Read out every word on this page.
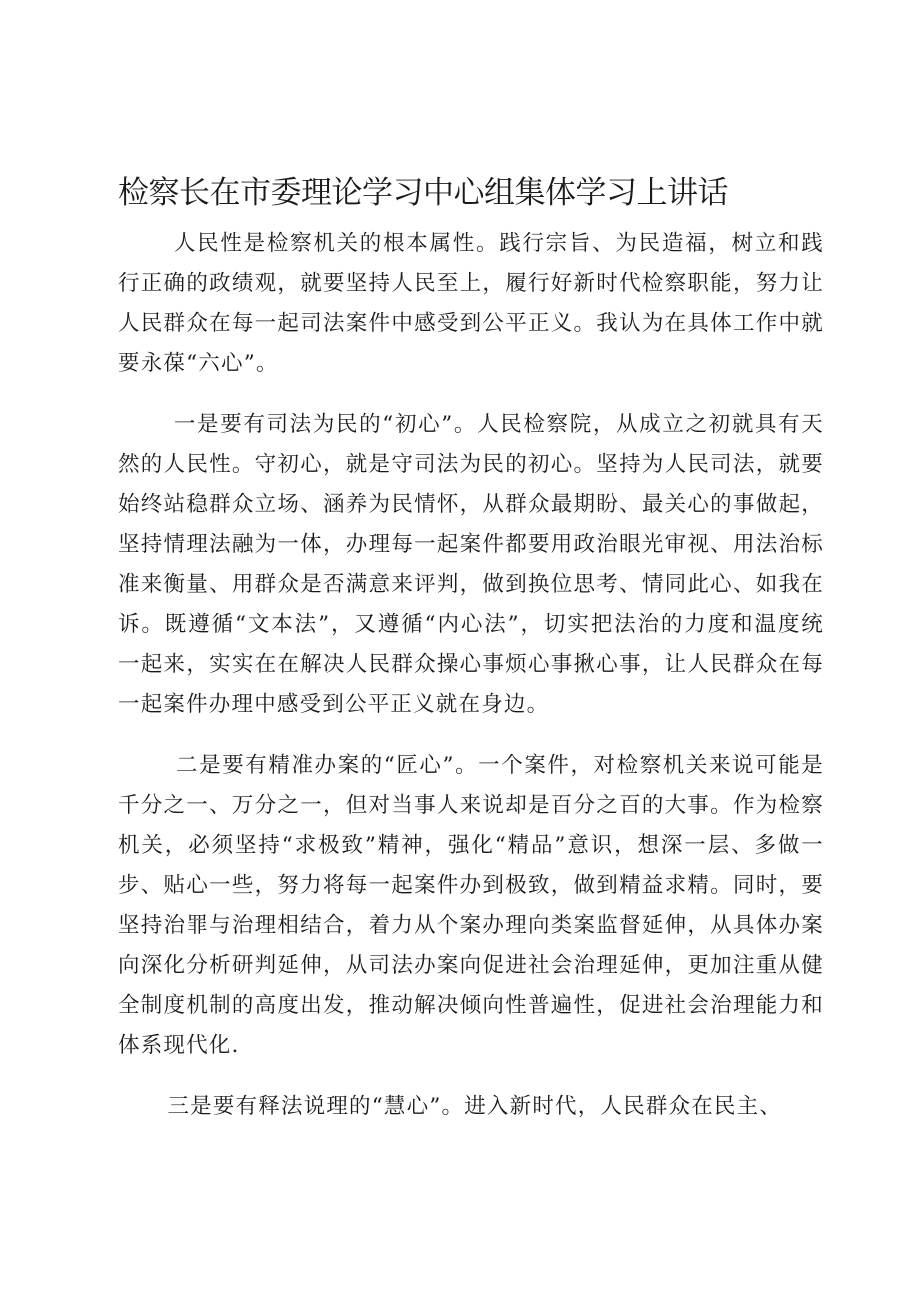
检察长在市委理论学习中心组集体学习上讲话

人民性是检察机关的根本属性。践行宗旨、为民造福，树立和践行正确的政绩观，就要坚持人民至上，履行好新时代检察职能，努力让人民群众在每一起司法案件中感受到公平正义。我认为在具体工作中就要永葆“六心”。

一是要有司法为民的“初心”。人民检察院，从成立之初就具有天然的人民性。守初心，就是守司法为民的初心。坚持为人民司法，就要始终站稳群众立场、涵养为民情怀，从群众最期盼、最关心的事做起，坚持情理法融为一体，办理每一起案件都要用政治眼光审视、用法治标准来衡量、用群众是否满意来评判，做到换位思考、情同此心、如我在诉。既遵循“文本法”，又遵循“内心法”，切实把法治的力度和温度统一起来，实实在在解决人民群众操心事烦心事揪心事，让人民群众在每一起案件办理中感受到公平正义就在身边。

二是要有精准办案的“匠心”。一个案件，对检察机关来说可能是千分之一、万分之一，但对当事人来说却是百分之百的大事。作为检察机关，必须坚持“求极致”精神，强化“精品”意识，想深一层、多做一步、贴心一些，努力将每一起案件办到极致，做到精益求精。同时，要坚持治罪与治理相结合，着力从个案办理向类案监督延伸，从具体办案向深化分析研判延伸，从司法办案向促进社会治理延伸，更加注重从健全制度机制的高度出发，推动解决倾向性普遍性，促进社会治理能力和体系现代化.

三是要有释法说理的“慧心”。进入新时代，人民群众在民主、
